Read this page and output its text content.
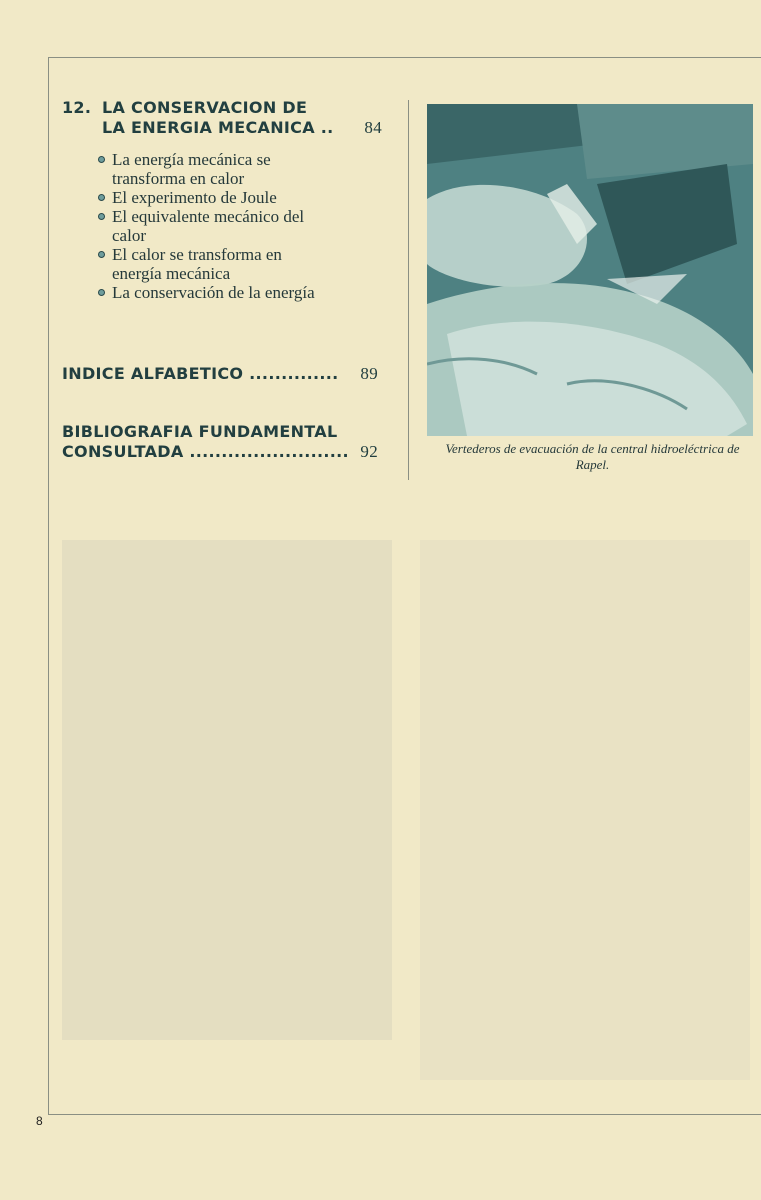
12. LA CONSERVACION DE
LA ENERGIA MECANICA .. 84
La energía mecánica se
transforma en calor
El experimento de Joule
El equivalente mecánico del
calor
El calor se transforma en
energía mecánica
La conservación de la energía
INDICE ALFABETICO .............. 89
BIBLIOGRAFIA FUNDAMENTAL
CONSULTADA ......................... 92	Vertederos de evacuación de la central hidroeléctrica de
Rapel.
8
